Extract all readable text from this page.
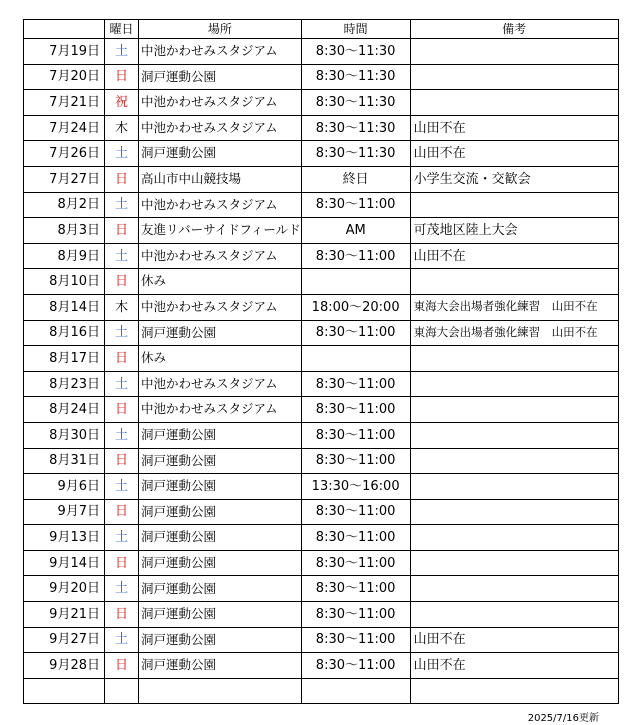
	曜日	場所	時間	備考
7月19日	土	中池かわせみスタジアム	8:30～11:30	
7月20日	日	洞戸運動公園	8:30～11:30	
7月21日	祝	中池かわせみスタジアム	8:30～11:30	
7月24日	木	中池かわせみスタジアム	8:30～11:30	山田不在
7月26日	土	洞戸運動公園	8:30～11:30	山田不在
7月27日	日	高山市中山競技場	終日	小学生交流・交歓会
8月2日	土	中池かわせみスタジアム	8:30～11:00	
8月3日	日	友進リバーサイドフィールド	AM	可茂地区陸上大会
8月9日	土	中池かわせみスタジアム	8:30～11:00	山田不在
8月10日	日	休み		
8月14日	木	中池かわせみスタジアム	18:00～20:00	東海大会出場者強化練習　山田不在
8月16日	土	洞戸運動公園	8:30～11:00	東海大会出場者強化練習　山田不在
8月17日	日	休み		
8月23日	土	中池かわせみスタジアム	8:30～11:00	
8月24日	日	中池かわせみスタジアム	8:30～11:00	
8月30日	土	洞戸運動公園	8:30～11:00	
8月31日	日	洞戸運動公園	8:30～11:00	
9月6日	土	洞戸運動公園	13:30～16:00	
9月7日	日	洞戸運動公園	8:30～11:00	
9月13日	土	洞戸運動公園	8:30～11:00	
9月14日	日	洞戸運動公園	8:30～11:00	
9月20日	土	洞戸運動公園	8:30～11:00	
9月21日	日	洞戸運動公園	8:30～11:00	
9月27日	土	洞戸運動公園	8:30～11:00	山田不在
9月28日	日	洞戸運動公園	8:30～11:00	山田不在

2025/7/16更新
